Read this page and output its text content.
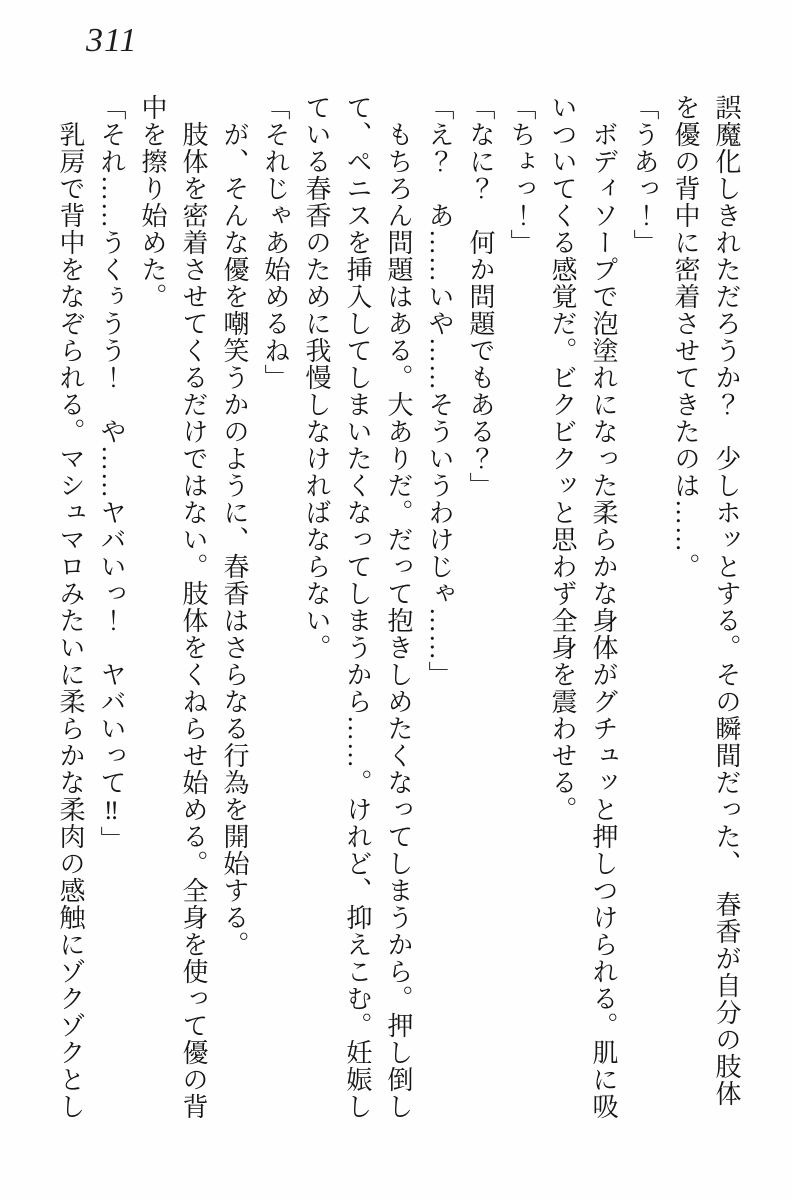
311

誤魔化しきれただろうか？　少しホッとする。その瞬間だった、　春香が自分の肢体を優の背中に密着させてきたのは……。

「うあっ！」

ボディソープで泡塗れになった柔らかな身体がグチュッと押しつけられる。肌に吸いついてくる感覚だ。ビクビクッと思わず全身を震わせる。

「ちょっ！」

「なに？　何か問題でもある？」

「え？　あ……いや……そういうわけじゃ……」

もちろん問題はある。大ありだ。だって抱きしめたくなってしまうから。押し倒して、ペニスを挿入してしまいたくなってしまうから……。けれど、抑えこむ。妊娠している春香のために我慢しなければならない。

「それじゃあ始めるね」

が、そんな優を嘲笑うかのように、春香はさらなる行為を開始する。

肢体を密着させてくるだけではない。肢体をくねらせ始める。全身を使って優の背中を擦り始めた。

「それ……うくぅうう！　や……ヤバいっ！　ヤバいって‼」

乳房で背中をなぞられる。マシュマロみたいに柔らかな柔肉の感触にゾクゾクとし
